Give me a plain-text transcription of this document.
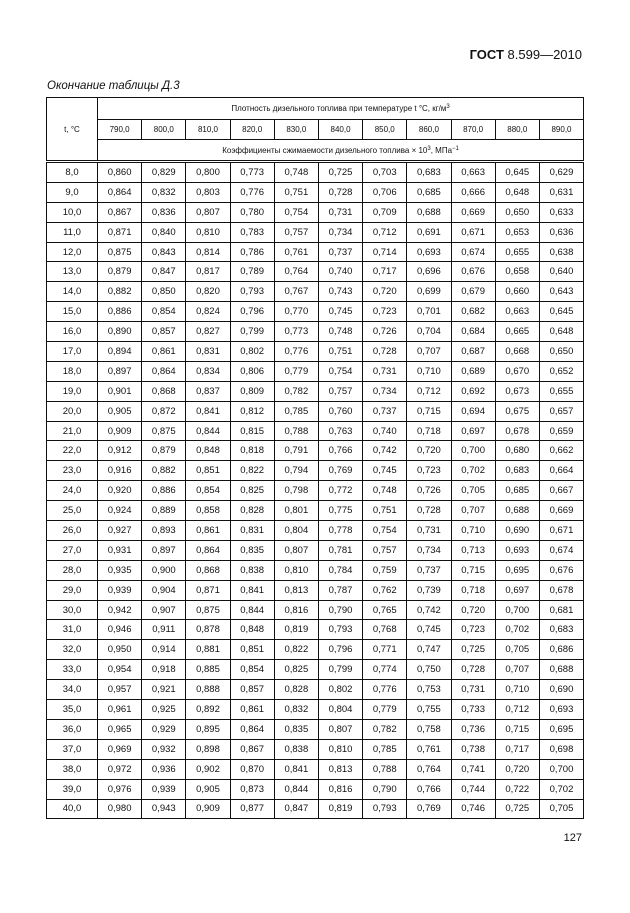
ГОСТ 8.599—2010
Окончание таблицы Д.3
t, °С	Плотность дизельного топлива при температуре t °С, $кг/м^3$
	790,0	800,0	810,0	820,0	830,0	840,0	850,0	860,0	870,0	880,0	890,0
	Коэффициенты сжимаемости дизельного топлива × $10^3$, МПа$^{-1}$
8,0	0,860	0,829	0,800	0,773	0,748	0,725	0,703	0,683	0,663	0,645	0,629
9,0	0,864	0,832	0,803	0,776	0,751	0,728	0,706	0,685	0,666	0,648	0,631
10,0	0,867	0,836	0,807	0,780	0,754	0,731	0,709	0,688	0,669	0,650	0,633
11,0	0,871	0,840	0,810	0,783	0,757	0,734	0,712	0,691	0,671	0,653	0,636
12,0	0,875	0,843	0,814	0,786	0,761	0,737	0,714	0,693	0,674	0,655	0,638
13,0	0,879	0,847	0,817	0,789	0,764	0,740	0,717	0,696	0,676	0,658	0,640
14,0	0,882	0,850	0,820	0,793	0,767	0,743	0,720	0,699	0,679	0,660	0,643
15,0	0,886	0,854	0,824	0,796	0,770	0,745	0,723	0,701	0,682	0,663	0,645
16,0	0,890	0,857	0,827	0,799	0,773	0,748	0,726	0,704	0,684	0,665	0,648
17,0	0,894	0,861	0,831	0,802	0,776	0,751	0,728	0,707	0,687	0,668	0,650
18,0	0,897	0,864	0,834	0,806	0,779	0,754	0,731	0,710	0,689	0,670	0,652
19,0	0,901	0,868	0,837	0,809	0,782	0,757	0,734	0,712	0,692	0,673	0,655
20,0	0,905	0,872	0,841	0,812	0,785	0,760	0,737	0,715	0,694	0,675	0,657
21,0	0,909	0,875	0,844	0,815	0,788	0,763	0,740	0,718	0,697	0,678	0,659
22,0	0,912	0,879	0,848	0,818	0,791	0,766	0,742	0,720	0,700	0,680	0,662
23,0	0,916	0,882	0,851	0,822	0,794	0,769	0,745	0,723	0,702	0,683	0,664
24,0	0,920	0,886	0,854	0,825	0,798	0,772	0,748	0,726	0,705	0,685	0,667
25,0	0,924	0,889	0,858	0,828	0,801	0,775	0,751	0,728	0,707	0,688	0,669
26,0	0,927	0,893	0,861	0,831	0,804	0,778	0,754	0,731	0,710	0,690	0,671
27,0	0,931	0,897	0,864	0,835	0,807	0,781	0,757	0,734	0,713	0,693	0,674
28,0	0,935	0,900	0,868	0,838	0,810	0,784	0,759	0,737	0,715	0,695	0,676
29,0	0,939	0,904	0,871	0,841	0,813	0,787	0,762	0,739	0,718	0,697	0,678
30,0	0,942	0,907	0,875	0,844	0,816	0,790	0,765	0,742	0,720	0,700	0,681
31,0	0,946	0,911	0,878	0,848	0,819	0,793	0,768	0,745	0,723	0,702	0,683
32,0	0,950	0,914	0,881	0,851	0,822	0,796	0,771	0,747	0,725	0,705	0,686
33,0	0,954	0,918	0,885	0,854	0,825	0,799	0,774	0,750	0,728	0,707	0,688
34,0	0,957	0,921	0,888	0,857	0,828	0,802	0,776	0,753	0,731	0,710	0,690
35,0	0,961	0,925	0,892	0,861	0,832	0,804	0,779	0,755	0,733	0,712	0,693
36,0	0,965	0,929	0,895	0,864	0,835	0,807	0,782	0,758	0,736	0,715	0,695
37,0	0,969	0,932	0,898	0,867	0,838	0,810	0,785	0,761	0,738	0,717	0,698
38,0	0,972	0,936	0,902	0,870	0,841	0,813	0,788	0,764	0,741	0,720	0,700
39,0	0,976	0,939	0,905	0,873	0,844	0,816	0,790	0,766	0,744	0,722	0,702
40,0	0,980	0,943	0,909	0,877	0,847	0,819	0,793	0,769	0,746	0,725	0,705
127
